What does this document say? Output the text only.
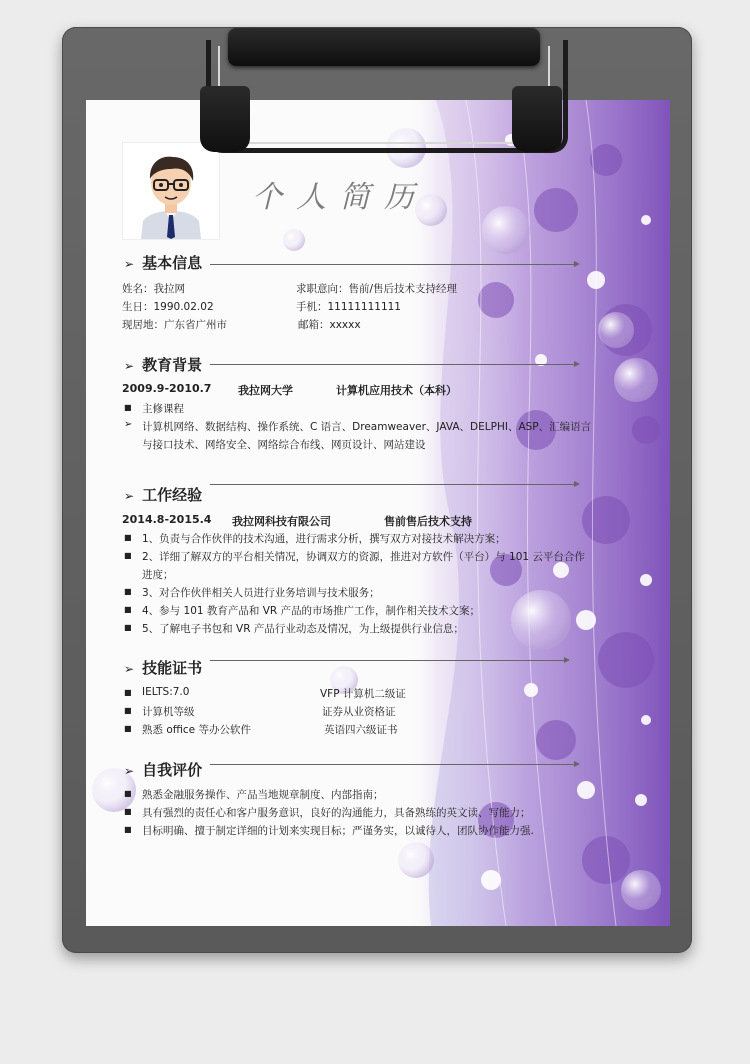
个人简历
➢ 基本信息
姓名：我拉网
生日：1990.02.02
现居地：广东省广州市
求职意向：售前/售后技术支持经理
手机：11111111111
邮箱：xxxxx
➢ 教育背景
2009.9-2010.7 我拉网大学	计算机应用技术（本科）
■ 主修课程
➢ 计算机网络、数据结构、操作系统、C 语言、Dreamweaver、JAVA、DELPHI、ASP、汇编语言
与接口技术、网络安全、网络综合布线、网页设计、网站建设
➢ 工作经验
2014.8-2015.4 我拉网科技有限公司	售前售后技术支持
■ 1、负责与合作伙伴的技术沟通，进行需求分析，撰写双方对接技术解决方案；
■ 2、详细了解双方的平台相关情况，协调双方的资源，推进对方软件（平台）与 101 云平台合作
进度；
■ 3、对合作伙伴相关人员进行业务培训与技术服务；
■ 4、参与 101 教育产品和 VR 产品的市场推广工作，制作相关技术文案；
■ 5、了解电子书包和 VR 产品行业动态及情况，为上级提供行业信息；
➢ 技能证书
■ IELTS:7.0
■ 计算机等级
■ 熟悉 office 等办公软件
VFP 计算机二级证
证券从业资格证
英语四六级证书
➢ 自我评价
■ 熟悉金融服务操作、产品当地规章制度、内部指南；
■ 具有强烈的责任心和客户服务意识，良好的沟通能力，具备熟练的英文读、写能力；
■ 目标明确、擅于制定详细的计划来实现目标；严谨务实，以诚待人，团队协作能力强.
